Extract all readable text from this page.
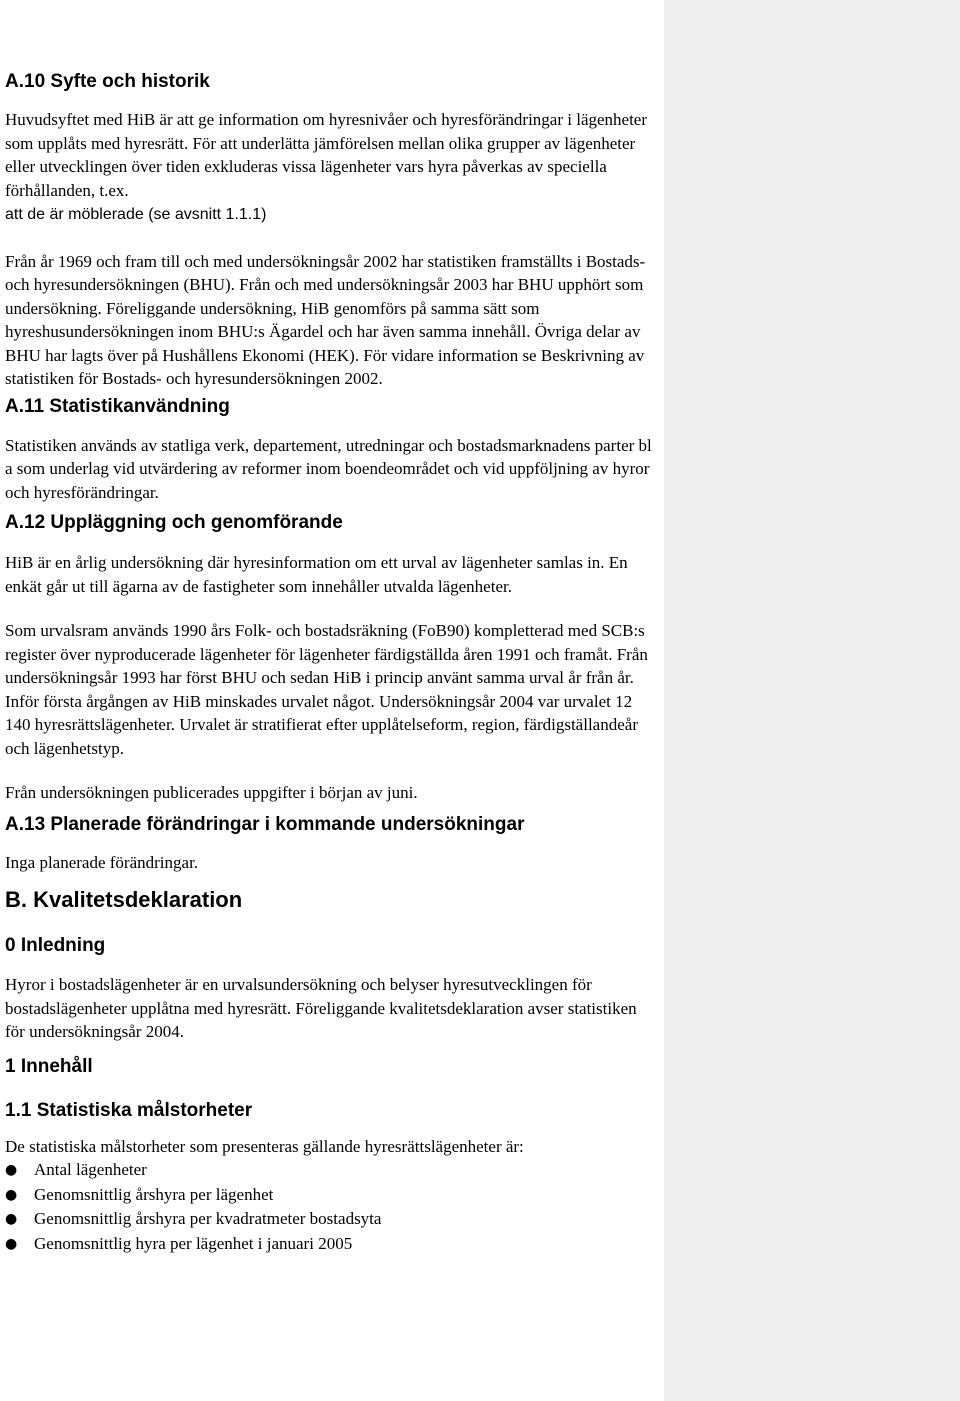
A.10 Syfte och historik

Huvudsyftet med HiB är att ge information om hyresnivåer och hyresförändringar i lägenheter som upplåts med hyresrätt. För att underlätta jämförelsen mellan olika grupper av lägenheter eller utvecklingen över tiden exkluderas vissa lägenheter vars hyra påverkas av speciella förhållanden, t.ex.
att de är möblerade (se avsnitt 1.1.1)

Från år 1969 och fram till och med undersökningsår 2002 har statistiken framställts i Bostads- och hyresundersökningen (BHU). Från och med undersökningsår 2003 har BHU upphört som undersökning. Föreliggande undersökning, HiB genomförs på samma sätt som hyreshusundersökningen inom BHU:s Ägardel och har även samma innehåll. Övriga delar av BHU har lagts över på Hushållens Ekonomi (HEK). För vidare information se Beskrivning av statistiken för Bostads- och hyresundersökningen 2002.

A.11 Statistikanvändning

Statistiken används av statliga verk, departement, utredningar och bostadsmarknadens parter bl a som underlag vid utvärdering av reformer inom boendeområdet och vid uppföljning av hyror och hyresförändringar.

A.12 Uppläggning och genomförande

HiB är en årlig undersökning där hyresinformation om ett urval av lägenheter samlas in. En enkät går ut till ägarna av de fastigheter som innehåller utvalda lägenheter.

Som urvalsram används 1990 års Folk- och bostadsräkning (FoB90) kompletterad med SCB:s register över nyproducerade lägenheter för lägenheter färdigställda åren 1991 och framåt. Från undersökningsår 1993 har först BHU och sedan HiB i princip använt samma urval år från år. Inför första årgången av HiB minskades urvalet något. Undersökningsår 2004 var urvalet 12 140 hyresrättslägenheter. Urvalet är stratifierat efter upplåtelseform, region, färdigställandeår och lägenhetstyp.

Från undersökningen publicerades uppgifter i början av juni.

A.13 Planerade förändringar i kommande undersökningar

Inga planerade förändringar.

B. Kvalitetsdeklaration
0 Inledning

Hyror i bostadslägenheter är en urvalsundersökning och belyser hyresutvecklingen för bostadslägenheter upplåtna med hyresrätt. Föreliggande kvalitetsdeklaration avser statistiken för undersökningsår 2004.

1 Innehåll
1.1 Statistiska målstorheter

De statistiska målstorheter som presenteras gällande hyresrättslägenheter är:

● Antal lägenheter
● Genomsnittlig årshyra per lägenhet
● Genomsnittlig årshyra per kvadratmeter bostadsyta
● Genomsnittlig hyra per lägenhet i januari 2005
